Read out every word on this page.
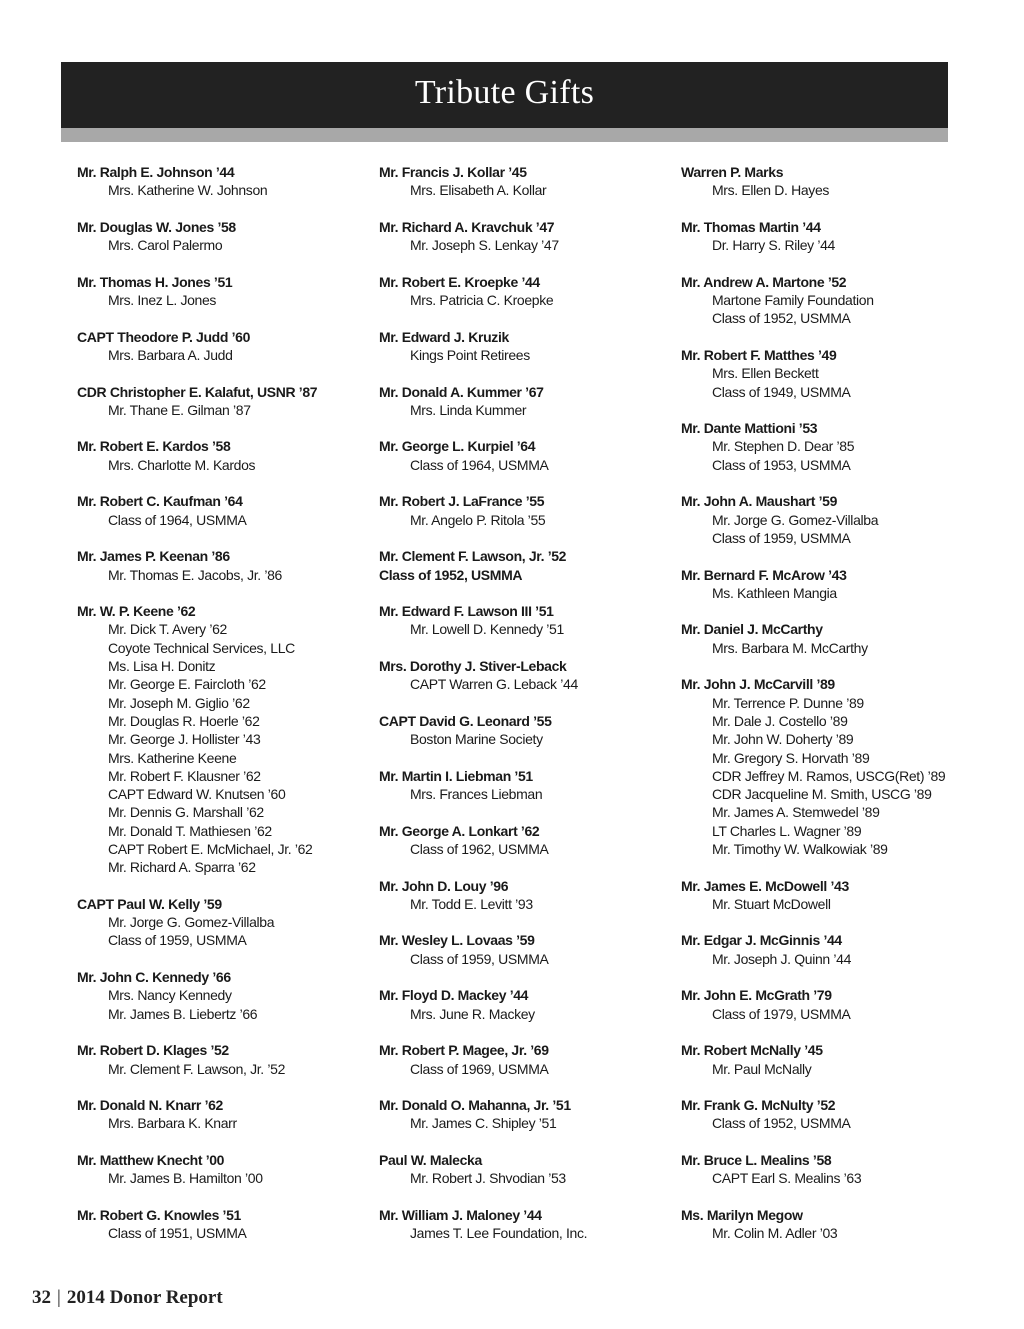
Tribute Gifts
Mr. Ralph E. Johnson ’44
Mrs. Katherine W. Johnson
Mr. Douglas W. Jones ’58
Mrs. Carol Palermo
Mr. Thomas H. Jones ’51
Mrs. Inez L. Jones
CAPT Theodore P. Judd ’60
Mrs. Barbara A. Judd
CDR Christopher E. Kalafut, USNR ’87
Mr. Thane E. Gilman ’87
Mr. Robert E. Kardos ’58
Mrs. Charlotte M. Kardos
Mr. Robert C. Kaufman ’64
Class of 1964, USMMA
Mr. James P. Keenan ’86
Mr. Thomas E. Jacobs, Jr. ’86
Mr. W. P. Keene ’62
Mr. Dick T. Avery ’62
Coyote Technical Services, LLC
Ms. Lisa H. Donitz
Mr. George E. Faircloth ’62
Mr. Joseph M. Giglio ’62
Mr. Douglas R. Hoerle ’62
Mr. George J. Hollister ’43
Mrs. Katherine Keene
Mr. Robert F. Klausner ’62
CAPT Edward W. Knutsen ’60
Mr. Dennis G. Marshall ’62
Mr. Donald T. Mathiesen ’62
CAPT Robert E. McMichael, Jr. ’62
Mr. Richard A. Sparra ’62
CAPT Paul W. Kelly ’59
Mr. Jorge G. Gomez-Villalba
Class of 1959, USMMA
Mr. John C. Kennedy ’66
Mrs. Nancy Kennedy
Mr. James B. Liebertz ’66
Mr. Robert D. Klages ’52
Mr. Clement F. Lawson, Jr. ’52
Mr. Donald N. Knarr ’62
Mrs. Barbara K. Knarr
Mr. Matthew Knecht ’00
Mr. James B. Hamilton ’00
Mr. Robert G. Knowles ’51
Class of 1951, USMMA
Mr. Francis J. Kollar ’45
Mrs. Elisabeth A. Kollar
Mr. Richard A. Kravchuk ’47
Mr. Joseph S. Lenkay ’47
Mr. Robert E. Kroepke ’44
Mrs. Patricia C. Kroepke
Mr. Edward J. Kruzik
Kings Point Retirees
Mr. Donald A. Kummer ’67
Mrs. Linda Kummer
Mr. George L. Kurpiel ’64
Class of 1964, USMMA
Mr. Robert J. LaFrance ’55
Mr. Angelo P. Ritola ’55
Mr. Clement F. Lawson, Jr. ’52
Class of 1952, USMMA
Mr. Edward F. Lawson III ’51
Mr. Lowell D. Kennedy ’51
Mrs. Dorothy J. Stiver-Leback
CAPT Warren G. Leback ’44
CAPT David G. Leonard ’55
Boston Marine Society
Mr. Martin I. Liebman ’51
Mrs. Frances Liebman
Mr. George A. Lonkart ’62
Class of 1962, USMMA
Mr. John D. Louy ’96
Mr. Todd E. Levitt ’93
Mr. Wesley L. Lovaas ’59
Class of 1959, USMMA
Mr. Floyd D. Mackey ’44
Mrs. June R. Mackey
Mr. Robert P. Magee, Jr. ’69
Class of 1969, USMMA
Mr. Donald O. Mahanna, Jr. ’51
Mr. James C. Shipley ’51
Paul W. Malecka
Mr. Robert J. Shvodian ’53
Mr. William J. Maloney ’44
James T. Lee Foundation, Inc.
Warren P. Marks
Mrs. Ellen D. Hayes
Mr. Thomas Martin ’44
Dr. Harry S. Riley ’44
Mr. Andrew A. Martone ’52
Martone Family Foundation
Class of 1952, USMMA
Mr. Robert F. Matthes ’49
Mrs. Ellen Beckett
Class of 1949, USMMA
Mr. Dante Mattioni ’53
Mr. Stephen D. Dear ’85
Class of 1953, USMMA
Mr. John A. Maushart ’59
Mr. Jorge G. Gomez-Villalba
Class of 1959, USMMA
Mr. Bernard F. McArow ’43
Ms. Kathleen Mangia
Mr. Daniel J. McCarthy
Mrs. Barbara M. McCarthy
Mr. John J. McCarvill ’89
Mr. Terrence P. Dunne ’89
Mr. Dale J. Costello ’89
Mr. John W. Doherty ’89
Mr. Gregory S. Horvath ’89
CDR Jeffrey M. Ramos, USCG(Ret) ’89
CDR Jacqueline M. Smith, USCG ’89
Mr. James A. Stemwedel ’89
LT Charles L. Wagner ’89
Mr. Timothy W. Walkowiak ’89
Mr. James E. McDowell ’43
Mr. Stuart McDowell
Mr. Edgar J. McGinnis ’44
Mr. Joseph J. Quinn ’44
Mr. John E. McGrath ’79
Class of 1979, USMMA
Mr. Robert McNally ’45
Mr. Paul McNally
Mr. Frank G. McNulty ’52
Class of 1952, USMMA
Mr. Bruce L. Mealins ’58
CAPT Earl S. Mealins ’63
Ms. Marilyn Megow
Mr. Colin M. Adler ’03
32 | 2014 Donor Report
